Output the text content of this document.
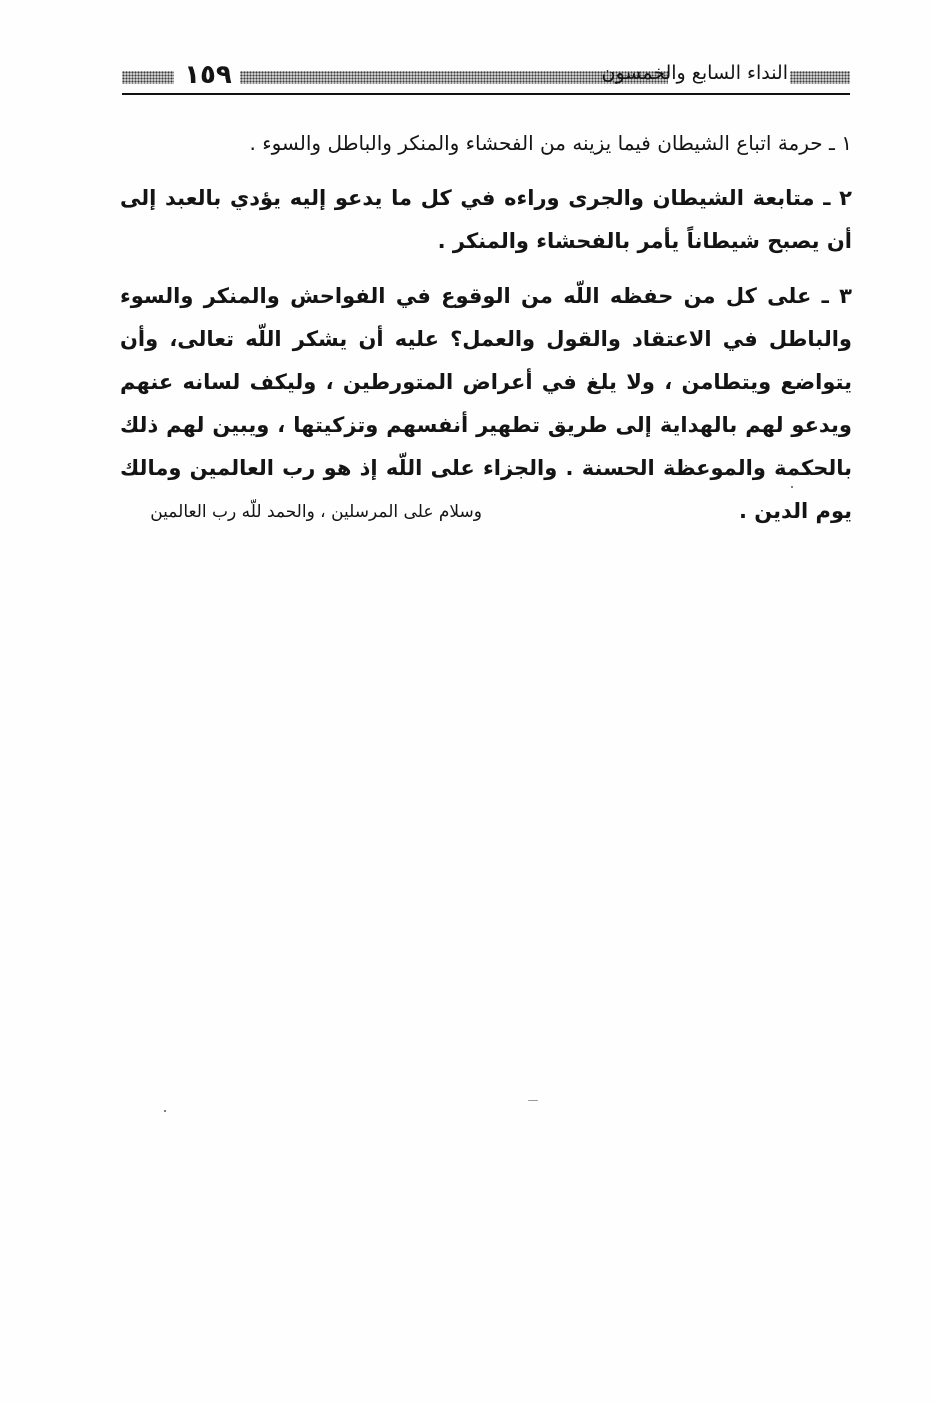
١٥٩	النداء السابع والخمسون

١ ـ حرمة اتباع الشيطان فيما يزينه من الفحشاء والمنكر والباطل والسوء .

٢ ـ متابعة الشيطان والجرى وراءه في كل ما يدعو إليه يؤدي بالعبد إلى أن يصبح شيطاناً يأمر بالفحشاء والمنكر .

٣ ـ على كل من حفظه اللّه من الوقوع في الفواحش والمنكر والسوء والباطل في الاعتقاد والقول والعمل؟ عليه أن يشكر اللّه تعالى، وأن يتواضع ويتطامن ، ولا يلغ في أعراض المتورطين ، وليكف لسانه عنهم ويدعو لهم بالهداية إلى طريق تطهير أنفسهم وتزكيتها ، ويبين لهم ذلك بالحكمة والموعظة الحسنة . والجزاء على اللّه إذ هو رب العالمين ومالك يوم الدين .

وسلام على المرسلين ، والحمد للّه رب العالمين
